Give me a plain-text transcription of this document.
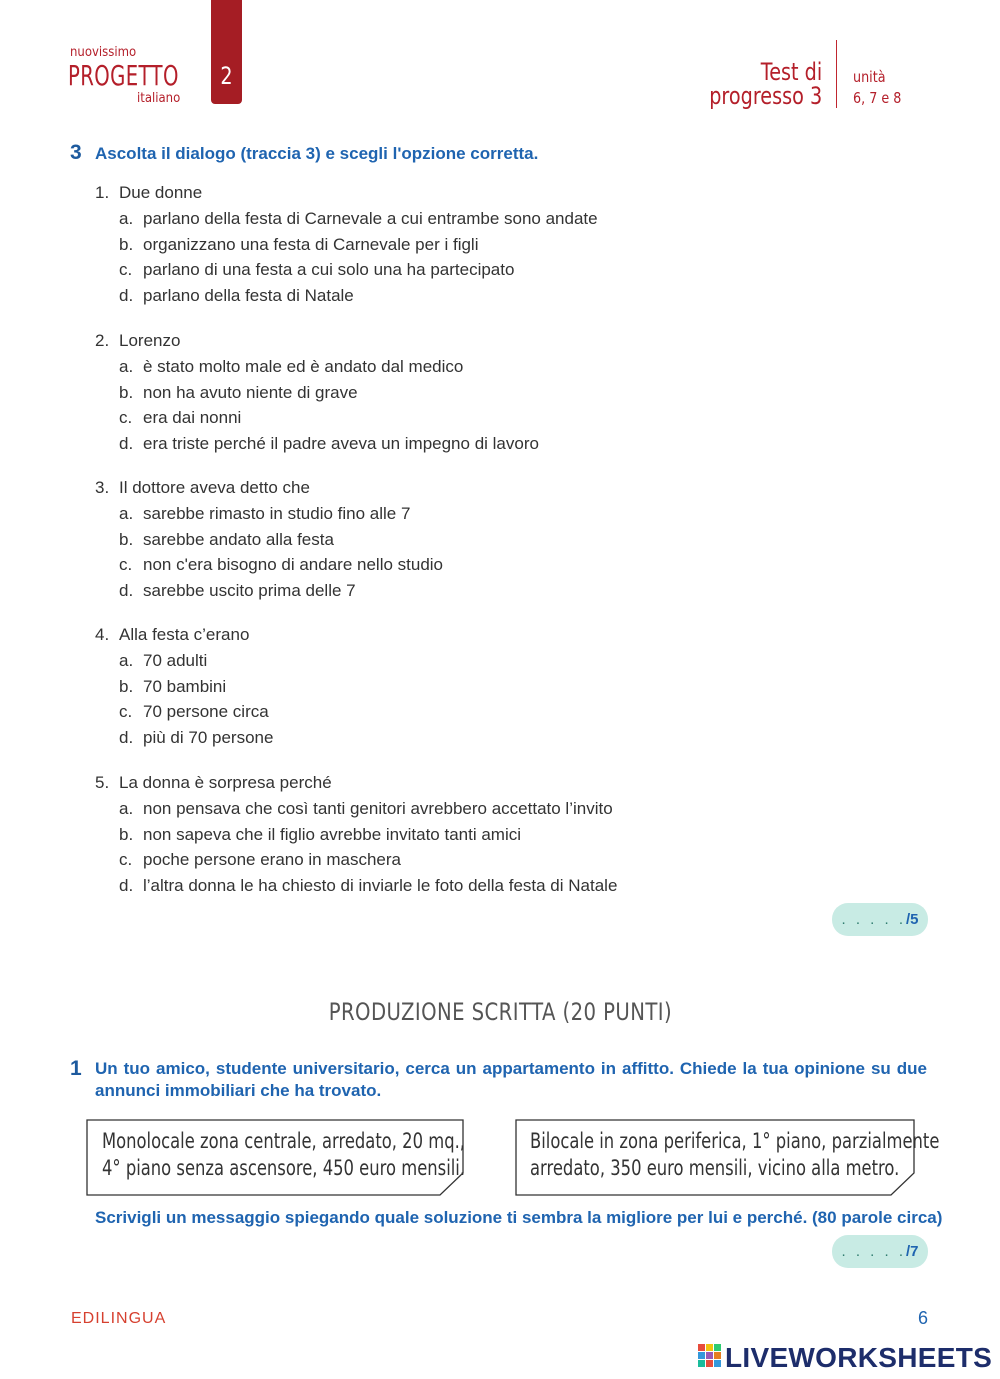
nuovissimo
PROGETTO
italiano
2	Test di
progresso 3
unità
6, 7 e 8
3 Ascolta il dialogo (traccia 3) e scegli l'opzione corretta.
1. Due donne
a. parlano della festa di Carnevale a cui entrambe sono andate
b. organizzano una festa di Carnevale per i figli
c. parlano di una festa a cui solo una ha partecipato
d. parlano della festa di Natale
2. Lorenzo
a. è stato molto male ed è andato dal medico
b. non ha avuto niente di grave
c. era dai nonni
d. era triste perché il padre aveva un impegno di lavoro
3. Il dottore aveva detto che
a. sarebbe rimasto in studio fino alle 7
b. sarebbe andato alla festa
c. non c'era bisogno di andare nello studio
d. sarebbe uscito prima delle 7
4. Alla festa c’erano
a. 70 adulti
b. 70 bambini
c. 70 persone circa
d. più di 70 persone
5. La donna è sorpresa perché
a. non pensava che così tanti genitori avrebbero accettato l’invito
b. non sapeva che il figlio avrebbe invitato tanti amici
c. poche persone erano in maschera
d. l’altra donna le ha chiesto di inviarle le foto della festa di Natale
. . . . ./5
PRODUZIONE SCRITTA (20 PUNTI)
1 Un tuo amico, studente universitario, cerca un appartamento in affitto. Chiede la tua opinione su due annunci immobiliari che ha trovato.
Monolocale zona centrale, arredato, 20 mq.,
4° piano senza ascensore, 450 euro mensili.
Bilocale in zona periferica, 1° piano, parzialmente
arredato, 350 euro mensili, vicino alla metro.
Scrivigli un messaggio spiegando quale soluzione ti sembra la migliore per lui e perché. (80 parole circa)
. . . . ./7
EDILINGUA	6
LIVEWORKSHEETS
